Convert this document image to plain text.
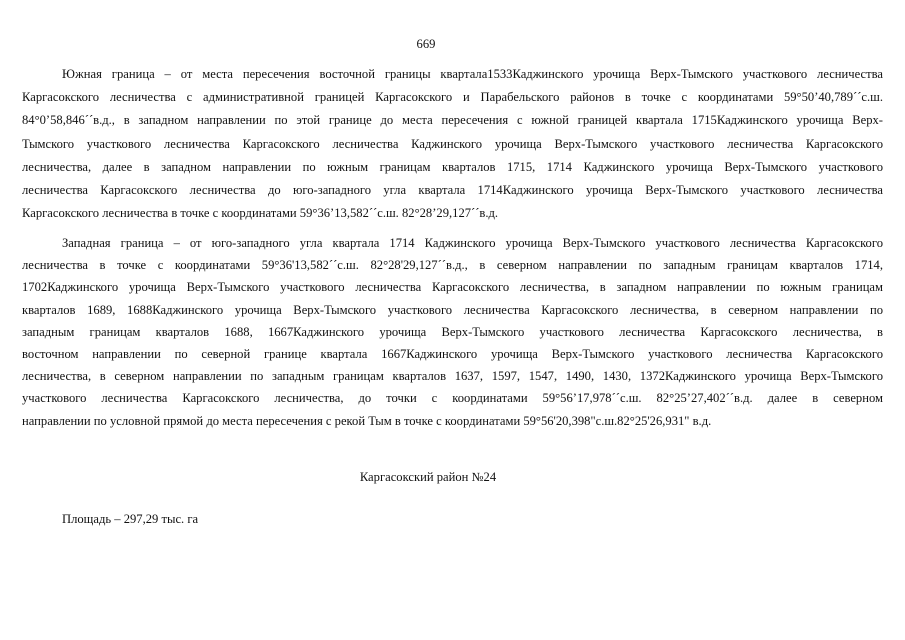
669
Южная граница – от места пересечения восточной границы квартала1533Каджинского урочища Верх-Тымского участкового лесничества
Каргасокского лесничества с административной границей Каргасокского и Парабельского районов в точке с координатами 59°50’40,789´´с.ш.
84°0’58,846´´в.д., в западном направлении по этой границе до места пересечения с южной границей квартала 1715Каджинского урочища Верх-
Тымского участкового лесничества Каргасокского лесничества Каджинского урочища Верх-Тымского участкового лесничества Каргасокского
лесничества, далее в западном направлении по южным границам кварталов 1715, 1714 Каджинского урочища Верх-Тымского участкового
лесничества Каргасокского лесничества до юго-западного угла квартала 1714Каджинского урочища Верх-Тымского участкового лесничества
Каргасокского лесничества в точке с координатами 59°36’13,582´´с.ш. 82°28’29,127´´в.д.
Западная граница – от юго-западного угла квартала 1714 Каджинского урочища Верх-Тымского участкового лесничества Каргасокского
лесничества в точке с координатами 59°36'13,582´´с.ш. 82°28'29,127´´в.д., в северном направлении по западным границам кварталов 1714,
1702Каджинского урочища Верх-Тымского участкового лесничества Каргасокского лесничества, в западном направлении по южным границам
кварталов 1689, 1688Каджинского урочища Верх-Тымского участкового лесничества Каргасокского лесничества, в северном направлении по
западным границам кварталов 1688, 1667Каджинского урочища Верх-Тымского участкового лесничества Каргасокского лесничества, в
восточном направлении по северной границе квартала 1667Каджинского урочища Верх-Тымского участкового лесничества Каргасокского
лесничества, в северном направлении по западным границам кварталов 1637, 1597, 1547, 1490, 1430, 1372Каджинского урочища Верх-Тымского
участкового лесничества Каргасокского лесничества, до точки с координатами 59°56’17,978´´с.ш. 82°25’27,402´´в.д. далее в северном
направлении по условной прямой до места пересечения с рекой Тым в точке с координатами 59°56'20,398"с.ш.82°25'26,931" в.д.
Каргасокский район №24
Площадь – 297,29 тыс. га
